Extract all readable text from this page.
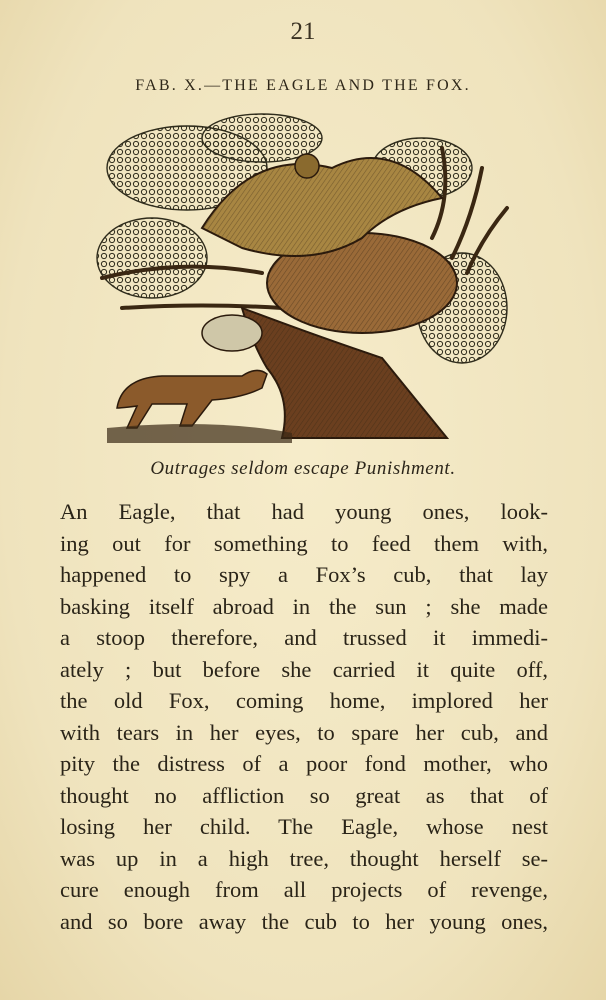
21
FAB. X.—THE EAGLE AND THE FOX.
Outrages seldom escape Punishment.
An Eagle, that had young ones, look-
ing out for something to feed them with,
happened to spy a Fox’s cub, that lay
basking itself abroad in the sun ; she made
a stoop therefore, and trussed it immedi-
ately ; but before she carried it quite off,
the old Fox, coming home, implored her
with tears in her eyes, to spare her cub, and
pity the distress of a poor fond mother, who
thought no affliction so great as that of
losing her child. The Eagle, whose nest
was up in a high tree, thought herself se-
cure enough from all projects of revenge,
and so bore away the cub to her young ones,
